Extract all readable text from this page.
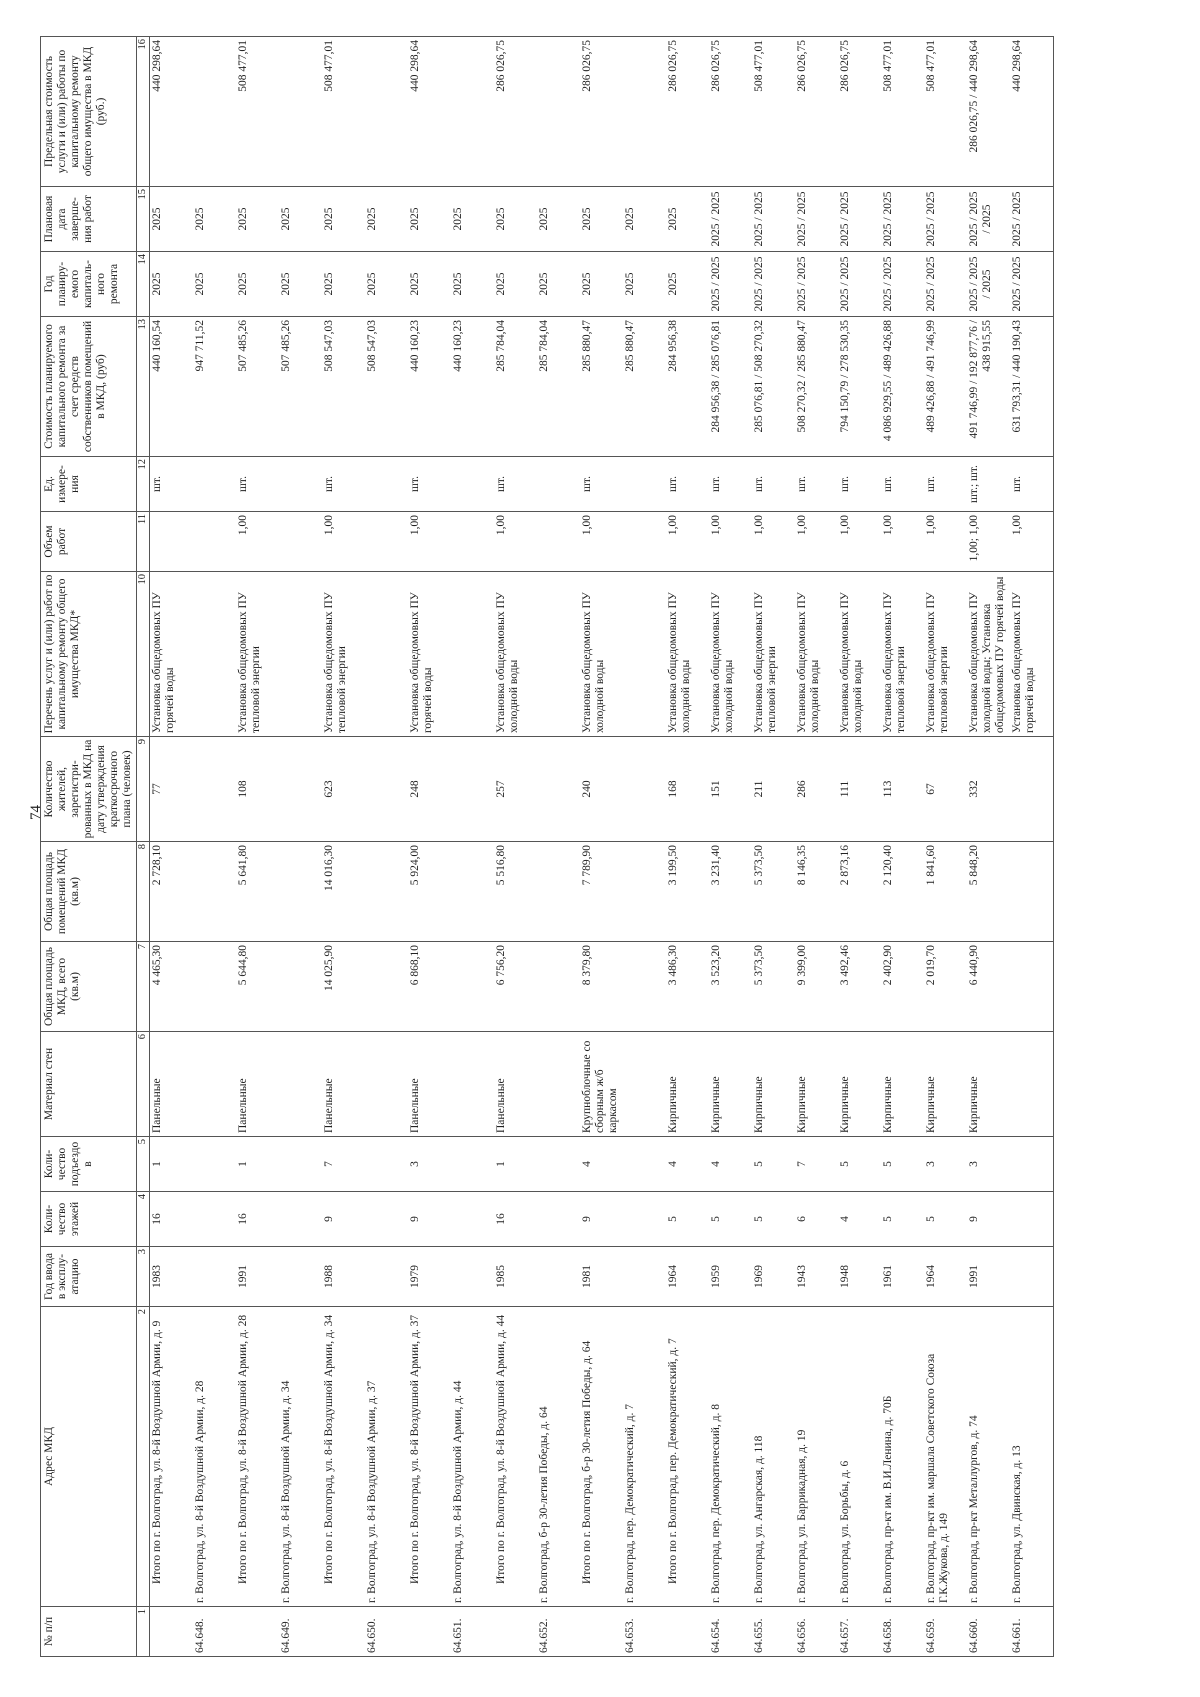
74
№ п/п	Адрес МКД	Год ввода в эксплу-атацию	Коли-чество этажей	Коли-чество подъездо в	Материал стен	Общая площадь МКД, всего (кв.м)	Общая площадь помещений МКД (кв.м)	Количество жителей, зарегистри-рованных в МКД на дату утверждения краткосрочного плана (человек)	Перечень услуг и (или) работ по капитальному ремонту общего имущества МКД*	Объем работ	Ед. измере-ния	Стоимость планируемого капитального ремонта за счет средств собственников помещений в МКД, (руб)	Год планиру-емого капиталь-ного ремонта	Плановая дата заверше-ния работ	Предельная стоимость услуги и (или) работы по капитальному ремонту общего имущества в МКД (руб.)
1	2	3	4	5	6	7	8	9	10	11	12	13	14	15	16
	Итого по г. Волгоград, ул. 8-й Воздушной Армии, д. 9	1983	16	1	Панельные	4 465,30	2 728,10	77	Установка общедомовых ПУ горячей воды		шт.	440 160,54	2025	2025	440 298,64
64.648.	г. Волгоград, ул. 8-й Воздушной Армии, д. 28											947 711,52	2025	2025	
	Итого по г. Волгоград, ул. 8-й Воздушной Армии, д. 28	1991	16	1	Панельные	5 644,80	5 641,80	108	Установка общедомовых ПУ тепловой энергии	1,00	шт.	507 485,26	2025	2025	508 477,01
64.649.	г. Волгоград, ул. 8-й Воздушной Армии, д. 34											507 485,26	2025	2025	
	Итого по г. Волгоград, ул. 8-й Воздушной Армии, д. 34	1988	9	7	Панельные	14 025,90	14 016,30	623	Установка общедомовых ПУ тепловой энергии	1,00	шт.	508 547,03	2025	2025	508 477,01
64.650.	г. Волгоград, ул. 8-й Воздушной Армии, д. 37											508 547,03	2025	2025	
	Итого по г. Волгоград, ул. 8-й Воздушной Армии, д. 37	1979	9	3	Панельные	6 868,10	5 924,00	248	Установка общедомовых ПУ горячей воды	1,00	шт.	440 160,23	2025	2025	440 298,64
64.651.	г. Волгоград, ул. 8-й Воздушной Армии, д. 44											440 160,23	2025	2025	
	Итого по г. Волгоград, ул. 8-й Воздушной Армии, д. 44	1985	16	1	Панельные	6 756,20	5 516,80	257	Установка общедомовых ПУ холодной воды	1,00	шт.	285 784,04	2025	2025	286 026,75
64.652.	г. Волгоград, б-р 30-летия Победы, д. 64											285 784,04	2025	2025	
	Итого по г. Волгоград, б-р 30-летия Победы, д. 64	1981	9	4	Крупноблочные со сборным ж/б каркасом	8 379,80	7 789,90	240	Установка общедомовых ПУ холодной воды	1,00	шт.	285 880,47	2025	2025	286 026,75
64.653.	г. Волгоград, пер. Демократический, д. 7											285 880,47	2025	2025	
	Итого по г. Волгоград, пер. Демократический, д. 7	1964	5	4	Кирпичные	3 486,30	3 199,50	168	Установка общедомовых ПУ холодной воды	1,00	шт.	284 956,38	2025	2025	286 026,75
64.654.	г. Волгоград, пер. Демократический, д. 8	1959	5	4	Кирпичные	3 523,20	3 231,40	151	Установка общедомовых ПУ холодной воды	1,00	шт.	284 956,38 / 285 076,81	2025 / 2025	2025 / 2025	286 026,75
64.655.	г. Волгоград, ул. Ангарская, д. 118	1969	5	5	Кирпичные	5 373,50	5 373,50	211	Установка общедомовых ПУ тепловой энергии	1,00	шт.	285 076,81 / 508 270,32	2025 / 2025	2025 / 2025	508 477,01
64.656.	г. Волгоград, ул. Баррикадная, д. 19	1943	6	7	Кирпичные	9 399,00	8 146,35	286	Установка общедомовых ПУ холодной воды	1,00	шт.	508 270,32 / 285 880,47	2025 / 2025	2025 / 2025	286 026,75
64.657.	г. Волгоград, ул. Борьбы, д. 6	1948	4	5	Кирпичные	3 492,46	2 873,16	111	Установка общедомовых ПУ холодной воды	1,00	шт.	794 150,79 / 278 530,35	2025 / 2025	2025 / 2025	286 026,75
64.658.	г. Волгоград, пр-кт им. В.И.Ленина, д. 70Б	1961	5	5	Кирпичные	2 402,90	2 120,40	113	Установка общедомовых ПУ тепловой энергии	1,00	шт.	4 086 929,55 / 489 426,88	2025 / 2025	2025 / 2025	508 477,01
64.659.	г. Волгоград, пр-кт им. маршала Советского Союза Г.К.Жукова, д. 149	1964	5	3	Кирпичные	2 019,70	1 841,60	67	Установка общедомовых ПУ тепловой энергии	1,00	шт.	489 426,88 / 491 746,99	2025 / 2025	2025 / 2025	508 477,01
64.660.	г. Волгоград, пр-кт Металлургов, д. 74	1991	9	3	Кирпичные	6 440,90	5 848,20	332	Установка общедомовых ПУ холодной воды; Установка общедомовых ПУ горячей воды	1,00; 1,00	шт.; шт.	491 746,99 / 192 877,76 / 438 915,55	2025 / 2025 / 2025	2025 / 2025 / 2025	286 026,75 / 440 298,64
64.661.	г. Волгоград, ул. Двинская, д. 13								Установка общедомовых ПУ горячей воды	1,00	шт.	631 793,31 / 440 190,43	2025 / 2025	2025 / 2025	440 298,64
